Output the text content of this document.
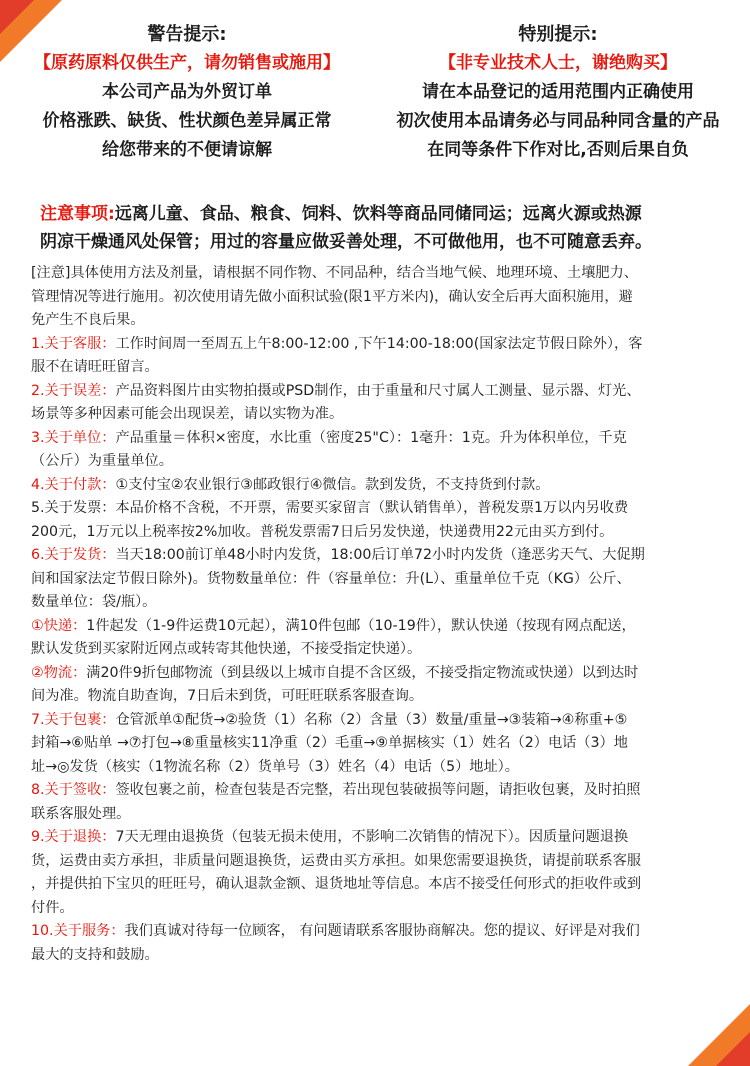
警告提示:
【原药原料仅供生产，请勿销售或施用】
本公司产品为外贸订单
价格涨跌、缺货、性状颜色差异属正常
给您带来的不便请谅解
特别提示:
【非专业技术人士，谢绝购买】
请在本品登记的适用范围内正确使用
初次使用本品请务必与同品种同含量的产品
在同等条件下作对比,否则后果自负
注意事项:远离儿童、食品、粮食、饲料、饮料等商品同储同运；远离火源或热源
阴凉干燥通风处保管；用过的容量应做妥善处理，不可做他用，也不可随意丢弃。

[注意]具体使用方法及剂量，请根据不同作物、不同品种，结合当地气候、地理环境、土壤肥力、
管理情况等进行施用。初次使用请先做小面积试验(限1平方米内)，确认安全后再大面积施用，避
免产生不良后果。

1.关于客服：工作时间周一至周五上午8:00-12:00 ,下午14:00-18:00(国家法定节假日除外），客
服不在请旺旺留言。

2.关于误差：产品资料图片由实物拍摄或PSD制作，由于重量和尺寸属人工测量、显示器、灯光、
场景等多种因素可能会出现误差，请以实物为准。

3.关于单位：产品重量＝体积×密度，水比重（密度25"C）：1毫升：1克。升为体积单位，千克
（公斤）为重量单位。

4.关于付款：①支付宝②农业银行③邮政银行④微信。款到发货，不支持货到付款。

5.关于发票：本品价格不含税，不开票，需要买家留言（默认销售单），普税发票1万以内另收费
200元，1万元以上税率按2%加收。普税发票需7日后另发快递，快递费用22元由买方到付。

6.关于发货：当天18:00前订单48小时内发货，18:00后订单72小时内发货（逢恶劣天气、大促期
间和国家法定节假日除外)。货物数量单位：件（容量单位：升(L）、重量单位千克（KG）公斤、
数量单位：袋/瓶）。

①快递：1件起发（1-9件运费10元起），满10件包邮（10-19件），默认快递（按现有网点配送，
默认发货到买家附近网点或转寄其他快递，不接受指定快递）。

②物流：满20件9折包邮物流（到县级以上城市自提不含区级，不接受指定物流或快递）以到达时
间为准。物流自助查询，7日后未到货，可旺旺联系客服查询。

7.关于包裹：仓管派单①配货→②验货（1）名称（2）含量（3）数量/重量→③装箱→④称重+⑤
封箱→⑥贴单 →⑦打包→⑧重量核实11净重（2）毛重→⑨单据核实（1）姓名（2）电话（3）地
址→◎发货（核实（1物流名称（2）货单号（3）姓名（4）电话（5）地址）。

8.关于签收：签收包裹之前，检查包装是否完整，若出现包装破损等问题，请拒收包裹，及时拍照
联系客服处理。

9.关于退换：7天无理由退换货（包装无损未使用，不影响二次销售的情况下）。因质量问题退换
货，运费由卖方承担，非质量问题退换货，运费由买方承担。如果您需要退换货，请提前联系客服
，并提供拍下宝贝的旺旺号，确认退款金额、退货地址等信息。本店不接受任何形式的拒收件或到
付件。

10.关于服务：我们真诚对待每一位顾客， 有问题请联系客服协商解决。您的提议、好评是对我们
最大的支持和鼓励。
